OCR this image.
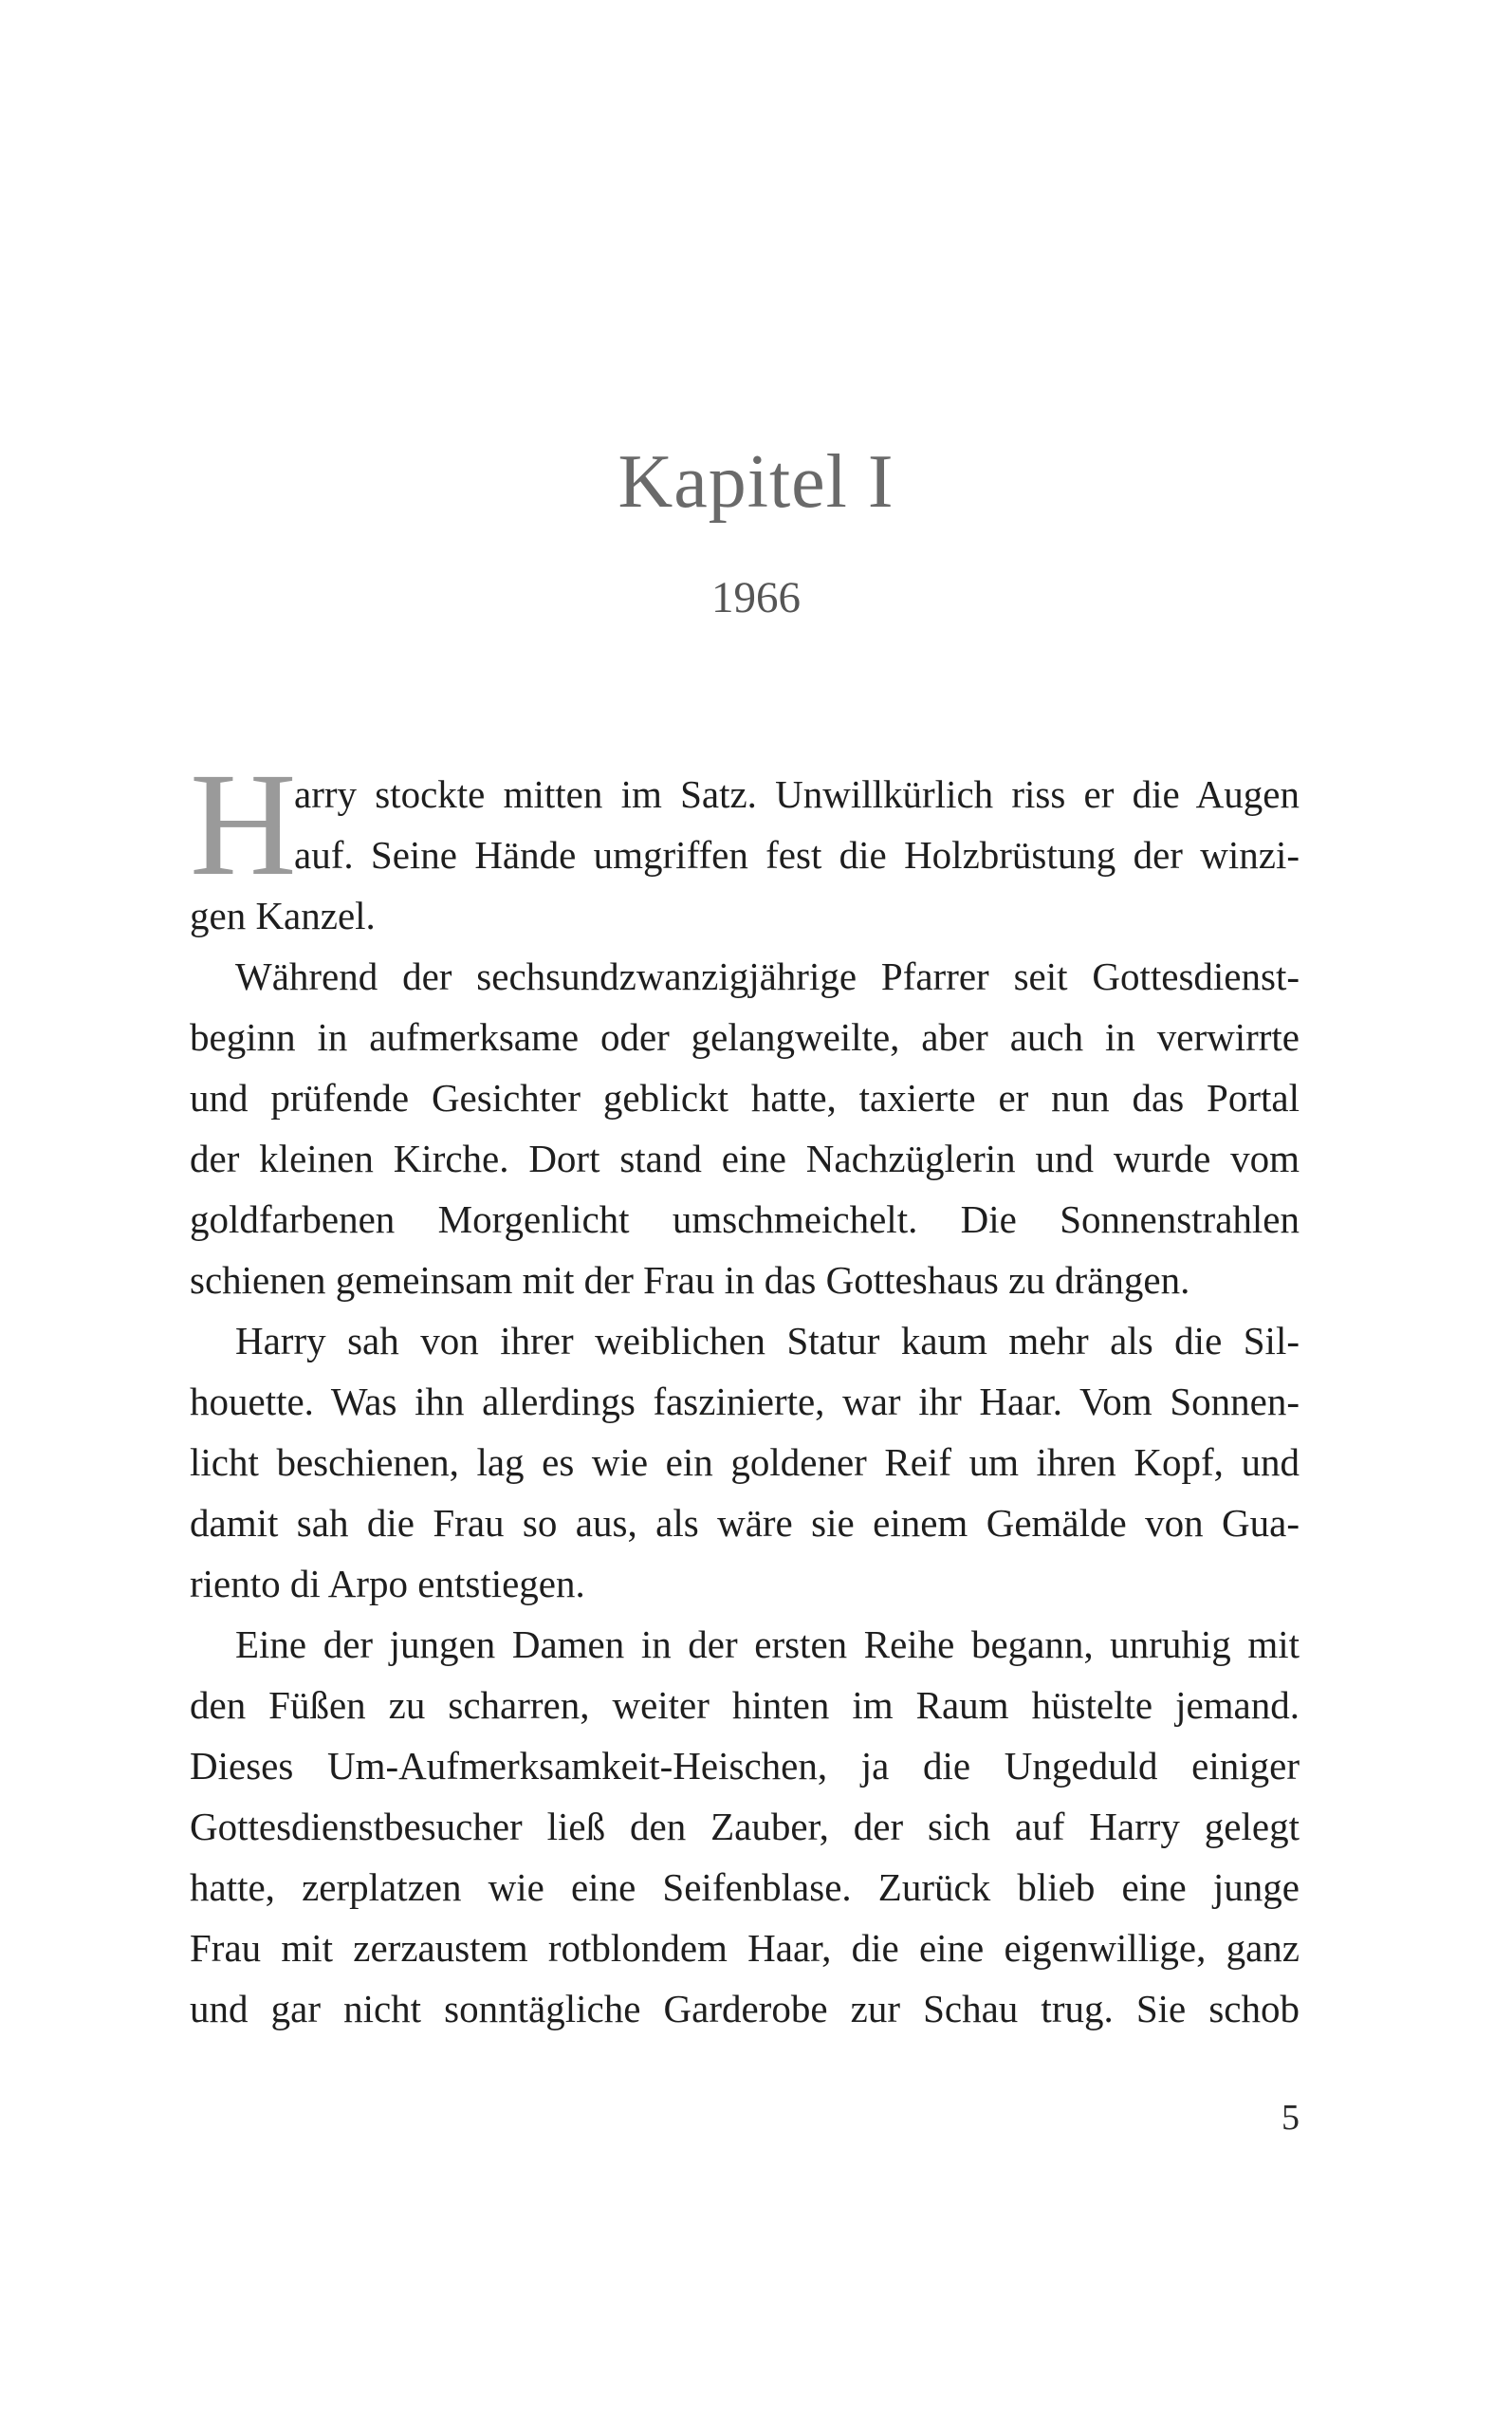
Kapitel I
1966
H
arry stockte mitten im Satz. Unwillkürlich riss er die Augen
auf. Seine Hände umgriffen fest die Holzbrüstung der winzi-
gen Kanzel.
Während der sechsundzwanzigjährige Pfarrer seit Gottesdienst-
beginn in aufmerksame oder gelangweilte, aber auch in verwirrte
und prüfende Gesichter geblickt hatte, taxierte er nun das Portal
der kleinen Kirche. Dort stand eine Nachzüglerin und wurde vom
goldfarbenen Morgenlicht umschmeichelt. Die Sonnenstrahlen
schienen gemeinsam mit der Frau in das Gotteshaus zu drängen.
Harry sah von ihrer weiblichen Statur kaum mehr als die Sil-
houette. Was ihn allerdings faszinierte, war ihr Haar. Vom Sonnen-
licht beschienen, lag es wie ein goldener Reif um ihren Kopf, und
damit sah die Frau so aus, als wäre sie einem Gemälde von Gua-
riento di Arpo entstiegen.
Eine der jungen Damen in der ersten Reihe begann, unruhig mit
den Füßen zu scharren, weiter hinten im Raum hüstelte jemand.
Dieses Um-Aufmerksamkeit-Heischen, ja die Ungeduld einiger
Gottesdienstbesucher ließ den Zauber, der sich auf Harry gelegt
hatte, zerplatzen wie eine Seifenblase. Zurück blieb eine junge
Frau mit zerzaustem rotblondem Haar, die eine eigenwillige, ganz
und gar nicht sonntägliche Garderobe zur Schau trug. Sie schob
5
